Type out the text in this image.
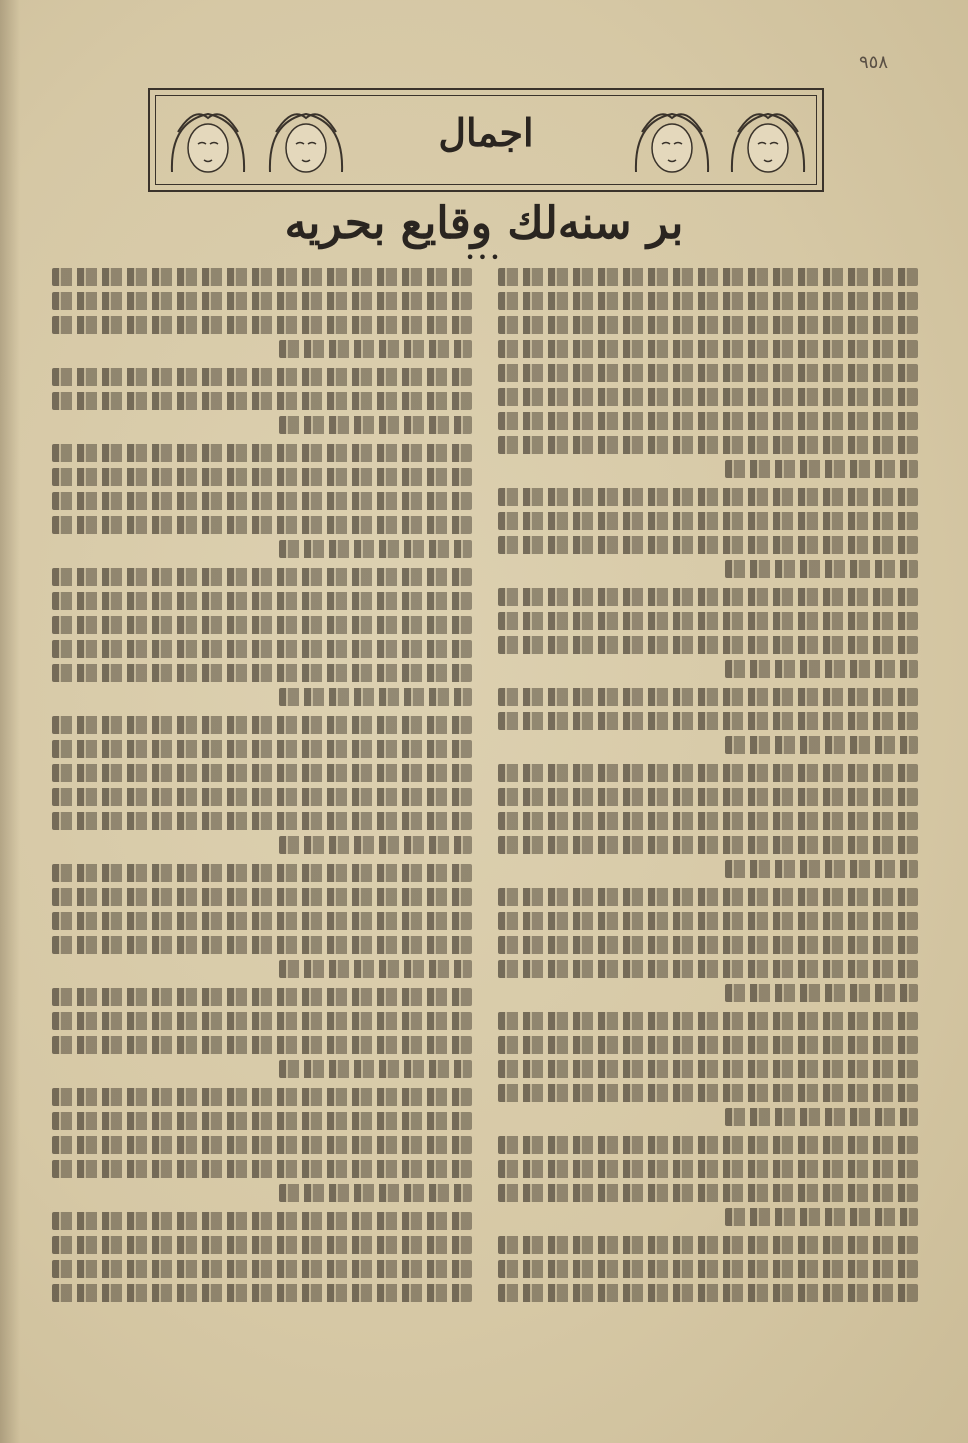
٩٥٨
اجمال
بر سنه‌لك وقايع بحريه
•••
